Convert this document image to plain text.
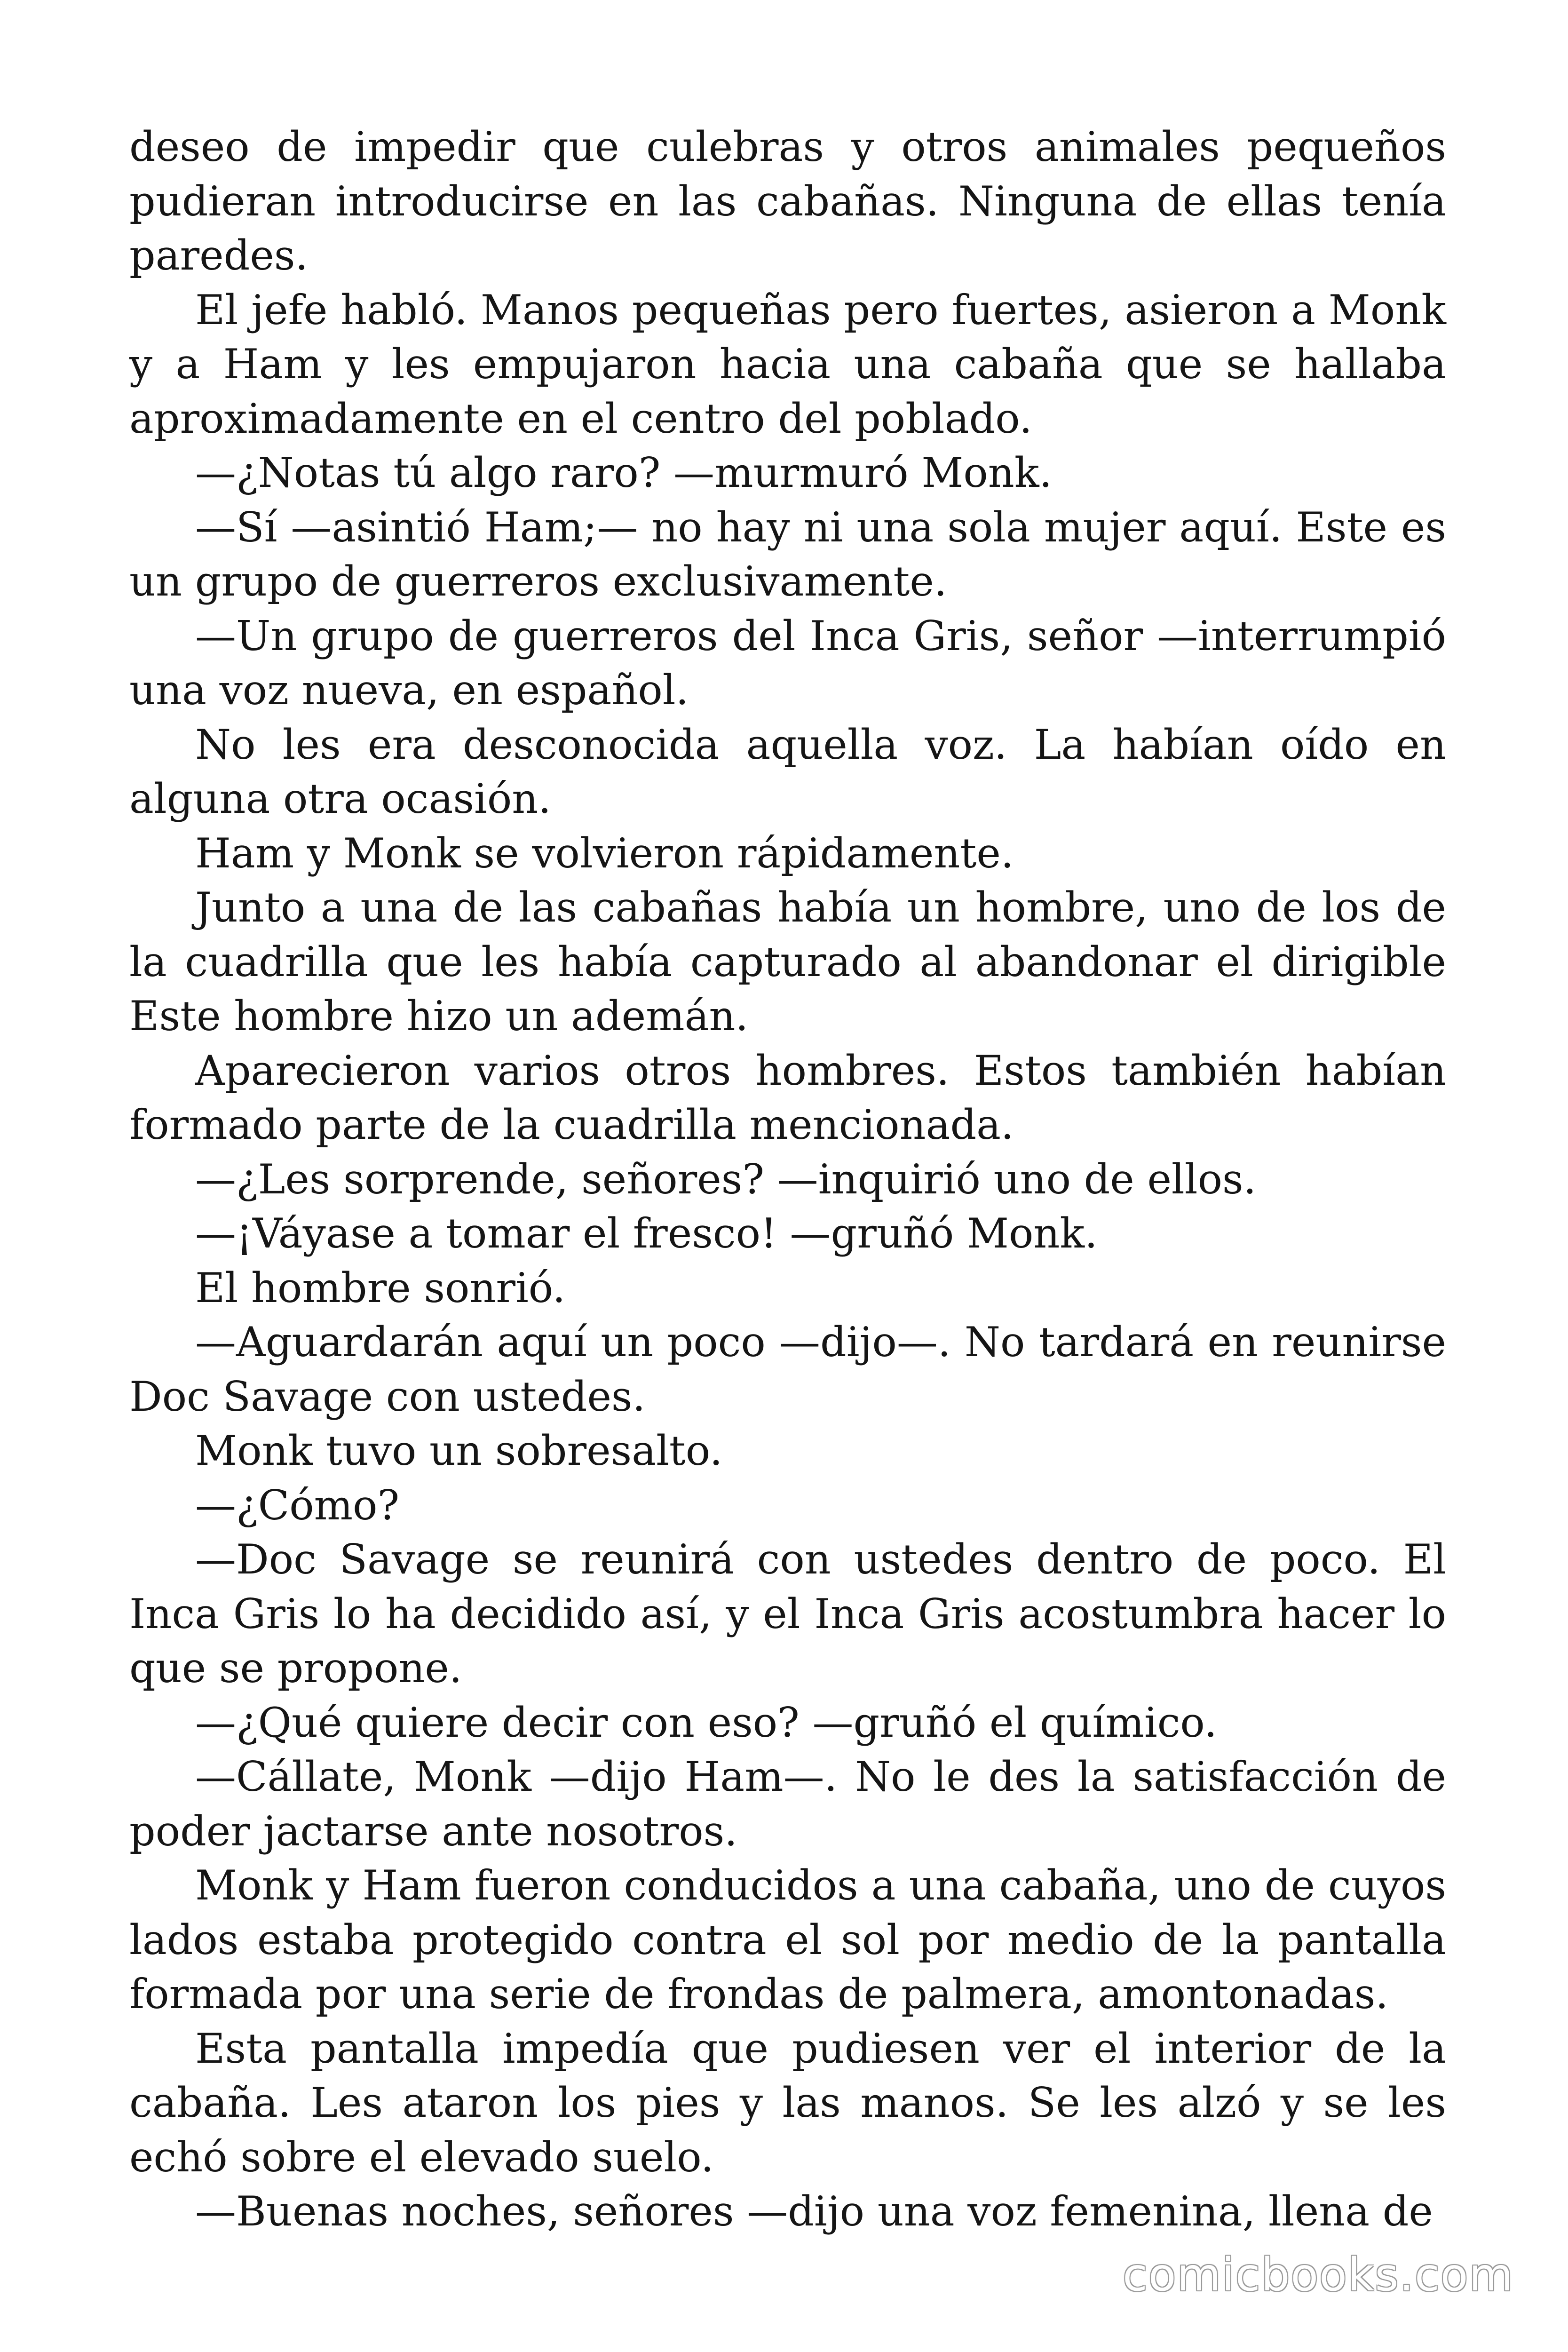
deseo de impedir que culebras y otros animales pequeños pudieran introducirse en las cabañas. Ninguna de ellas tenía paredes.

El jefe habló. Manos pequeñas pero fuertes, asieron a Monk y a Ham y les empujaron hacia una cabaña que se hallaba aproximadamente en el centro del poblado.

—¿Notas tú algo raro? —murmuró Monk.

—Sí —asintió Ham;— no hay ni una sola mujer aquí. Este es un grupo de guerreros exclusivamente.

—Un grupo de guerreros del Inca Gris, señor —interrumpió una voz nueva, en español.

No les era desconocida aquella voz. La habían oído en alguna otra ocasión.

Ham y Monk se volvieron rápidamente.

Junto a una de las cabañas había un hombre, uno de los de la cuadrilla que les había capturado al abandonar el dirigible Este hombre hizo un ademán.

Aparecieron varios otros hombres. Estos también habían formado parte de la cuadrilla mencionada.

—¿Les sorprende, señores? —inquirió uno de ellos.

—¡Váyase a tomar el fresco! —gruñó Monk.

El hombre sonrió.

—Aguardarán aquí un poco —dijo—. No tardará en reunirse Doc Savage con ustedes.

Monk tuvo un sobresalto.

—¿Cómo?

—Doc Savage se reunirá con ustedes dentro de poco. El Inca Gris lo ha decidido así, y el Inca Gris acostumbra hacer lo que se propone.

—¿Qué quiere decir con eso? —gruñó el químico.

—Cállate, Monk —dijo Ham—. No le des la satisfacción de poder jactarse ante nosotros.

Monk y Ham fueron conducidos a una cabaña, uno de cuyos lados estaba protegido contra el sol por medio de la pantalla formada por una serie de frondas de palmera, amontonadas.

Esta pantalla impedía que pudiesen ver el interior de la cabaña. Les ataron los pies y las manos. Se les alzó y se les echó sobre el elevado suelo.

—Buenas noches, señores —dijo una voz femenina, llena de

comicbooks.com
